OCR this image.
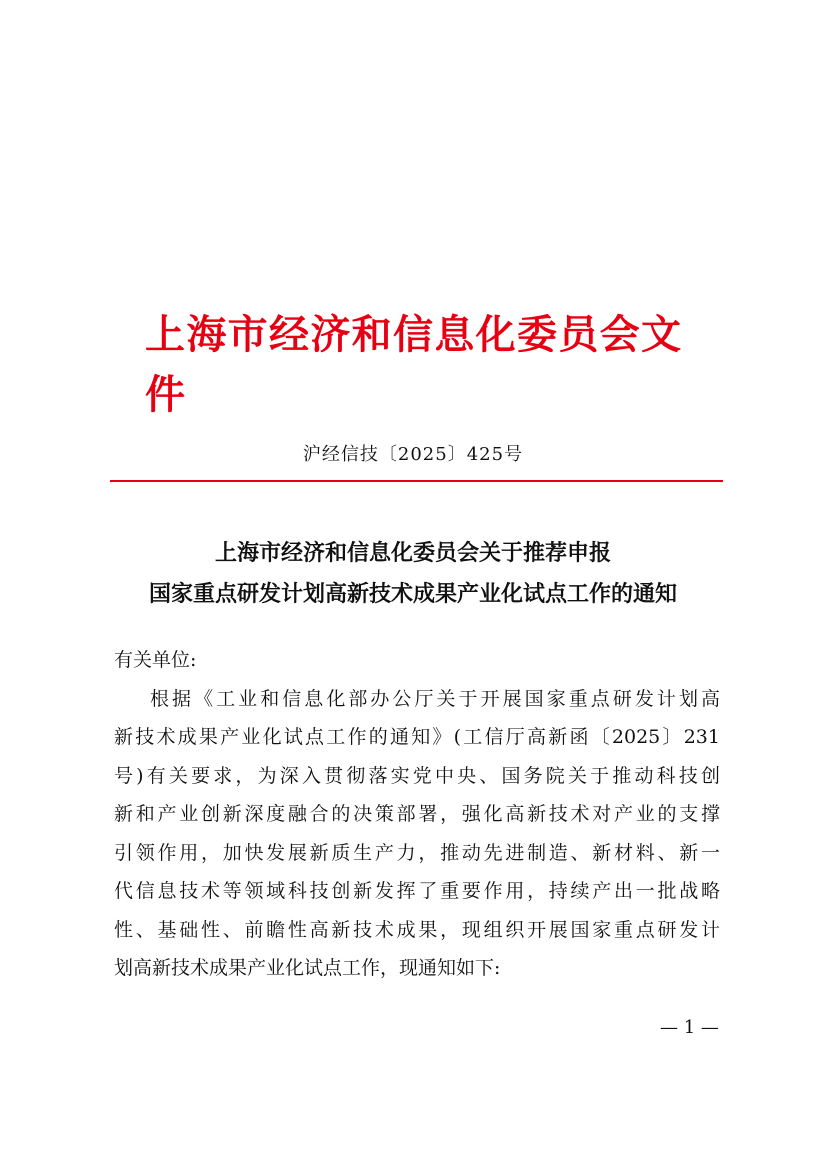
上海市经济和信息化委员会文件
沪经信技〔2025〕425号
上海市经济和信息化委员会关于推荐申报
国家重点研发计划高新技术成果产业化试点工作的通知
有关单位:
根据《工业和信息化部办公厅关于开展国家重点研发计划高
新技术成果产业化试点工作的通知》(工信厅高新函〔2025〕231
号)有关要求，为深入贯彻落实党中央、国务院关于推动科技创
新和产业创新深度融合的决策部署，强化高新技术对产业的支撑
引领作用，加快发展新质生产力，推动先进制造、新材料、新一
代信息技术等领域科技创新发挥了重要作用，持续产出一批战略
性、基础性、前瞻性高新技术成果，现组织开展国家重点研发计
划高新技术成果产业化试点工作，现通知如下:
— 1 —
